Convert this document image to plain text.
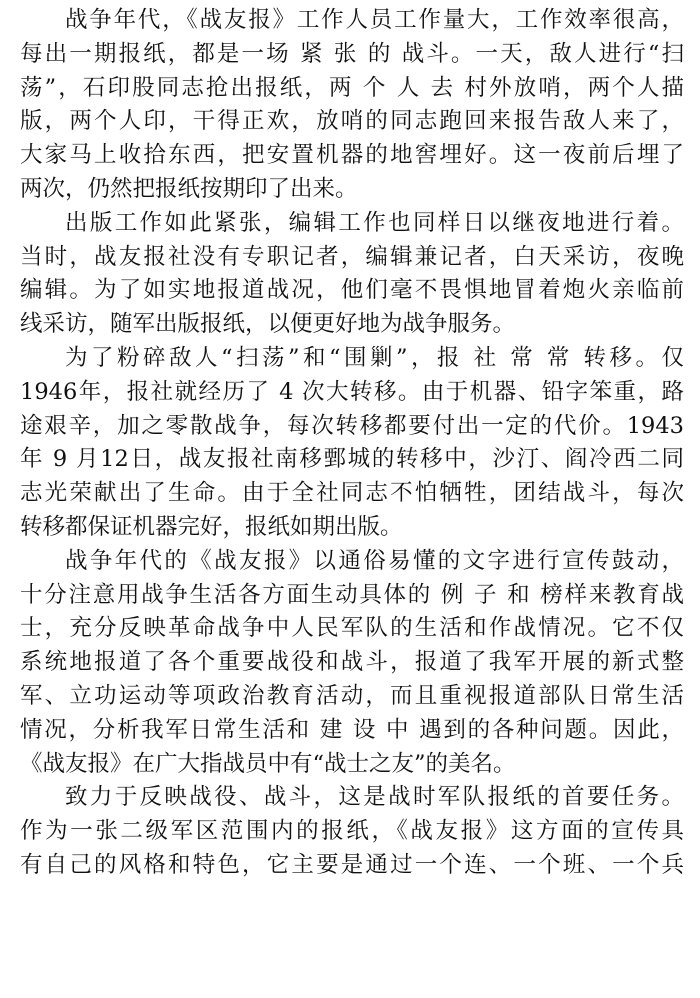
战争年代，《战友报》工作人员工作量大，工作效率很高，
每出一期报纸，都是一场 紧 张 的 战斗。一天，敌人进行“扫
荡”，石印股同志抢出报纸，两 个 人 去 村外放哨，两个人描
版，两个人印，干得正欢，放哨的同志跑回来报告敌人来了，
大家马上收拾东西，把安置机器的地窖埋好。这一夜前后埋了
两次，仍然把报纸按期印了出来。
出版工作如此紧张，编辑工作也同样日以继夜地进行着。
当时，战友报社没有专职记者，编辑兼记者，白天采访，夜晚
编辑。为了如实地报道战况，他们毫不畏惧地冒着炮火亲临前
线采访，随军出版报纸，以便更好地为战争服务。
为了粉碎敌人“扫荡”和“围剿”，报 社 常 常 转移。仅
1946年，报社就经历了 4 次大转移。由于机器、铅字笨重，路
途艰辛，加之零散战争，每次转移都要付出一定的代价。1943
年 9 月12日，战友报社南移鄄城的转移中，沙汀、阎冷西二同
志光荣献出了生命。由于全社同志不怕牺牲，团结战斗，每次
转移都保证机器完好，报纸如期出版。
战争年代的《战友报》以通俗易懂的文字进行宣传鼓动，
十分注意用战争生活各方面生动具体的 例 子 和 榜样来教育战
士，充分反映革命战争中人民军队的生活和作战情况。它不仅
系统地报道了各个重要战役和战斗，报道了我军开展的新式整
军、立功运动等项政治教育活动，而且重视报道部队日常生活
情况，分析我军日常生活和 建 设 中 遇到的各种问题。因此，
《战友报》在广大指战员中有“战士之友”的美名。
致力于反映战役、战斗，这是战时军队报纸的首要任务。
作为一张二级军区范围内的报纸，《战友报》这方面的宣传具
有自己的风格和特色，它主要是通过一个连、一个班、一个兵
